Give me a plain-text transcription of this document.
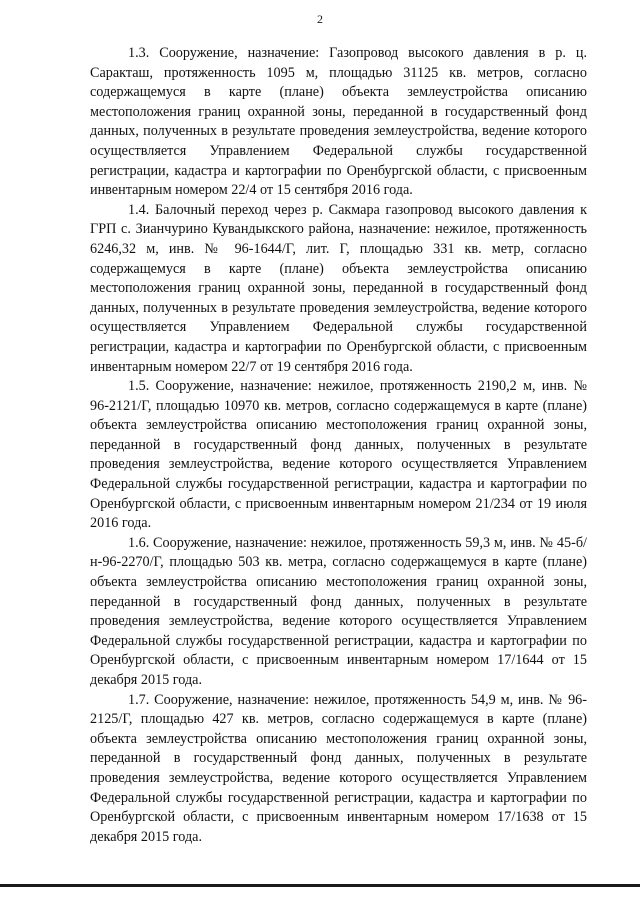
2

1.3. Сооружение, назначение: Газопровод высокого давления в р. ц. Саракташ, протяженность 1095 м, площадью 31125 кв. метров, согласно содержащемуся в карте (плане) объекта землеустройства описанию местоположения границ охранной зоны, переданной в государственный фонд данных, полученных в результате проведения землеустройства, ведение которого осуществляется Управлением Федеральной службы государственной регистрации, кадастра и картографии по Оренбургской области, с присвоенным инвентарным номером 22/4 от 15 сентября 2016 года.

1.4. Балочный переход через р. Сакмара газопровод высокого давления к ГРП с. Зианчурино Кувандыкского района, назначение: нежилое, протяженность 6246,32 м, инв. № 96-1644/Г, лит. Г, площадью 331 кв. метр, согласно содержащемуся в карте (плане) объекта землеустройства описанию местоположения границ охранной зоны, переданной в государственный фонд данных, полученных в результате проведения землеустройства, ведение которого осуществляется Управлением Федеральной службы государственной регистрации, кадастра и картографии по Оренбургской области, с присвоенным инвентарным номером 22/7 от 19 сентября 2016 года.

1.5. Сооружение, назначение: нежилое, протяженность 2190,2 м, инв. № 96-2121/Г, площадью 10970 кв. метров, согласно содержащемуся в карте (плане) объекта землеустройства описанию местоположения границ охранной зоны, переданной в государственный фонд данных, полученных в результате проведения землеустройства, ведение которого осуществляется Управлением Федеральной службы государственной регистрации, кадастра и картографии по Оренбургской области, с присвоенным инвентарным номером 21/234 от 19 июля 2016 года.

1.6. Сооружение, назначение: нежилое, протяженность 59,3 м, инв. № 45-б/н-96-2270/Г, площадью 503 кв. метра, согласно содержащемуся в карте (плане) объекта землеустройства описанию местоположения границ охранной зоны, переданной в государственный фонд данных, полученных в результате проведения землеустройства, ведение которого осуществляется Управлением Федеральной службы государственной регистрации, кадастра и картографии по Оренбургской области, с присвоенным инвентарным номером 17/1644 от 15 декабря 2015 года.

1.7. Сооружение, назначение: нежилое, протяженность 54,9 м, инв. № 96-2125/Г, площадью 427 кв. метров, согласно содержащемуся в карте (плане) объекта землеустройства описанию местоположения границ охранной зоны, переданной в государственный фонд данных, полученных в результате проведения землеустройства, ведение которого осуществляется Управлением Федеральной службы государственной регистрации, кадастра и картографии по Оренбургской области, с присвоенным инвентарным номером 17/1638 от 15 декабря 2015 года.
